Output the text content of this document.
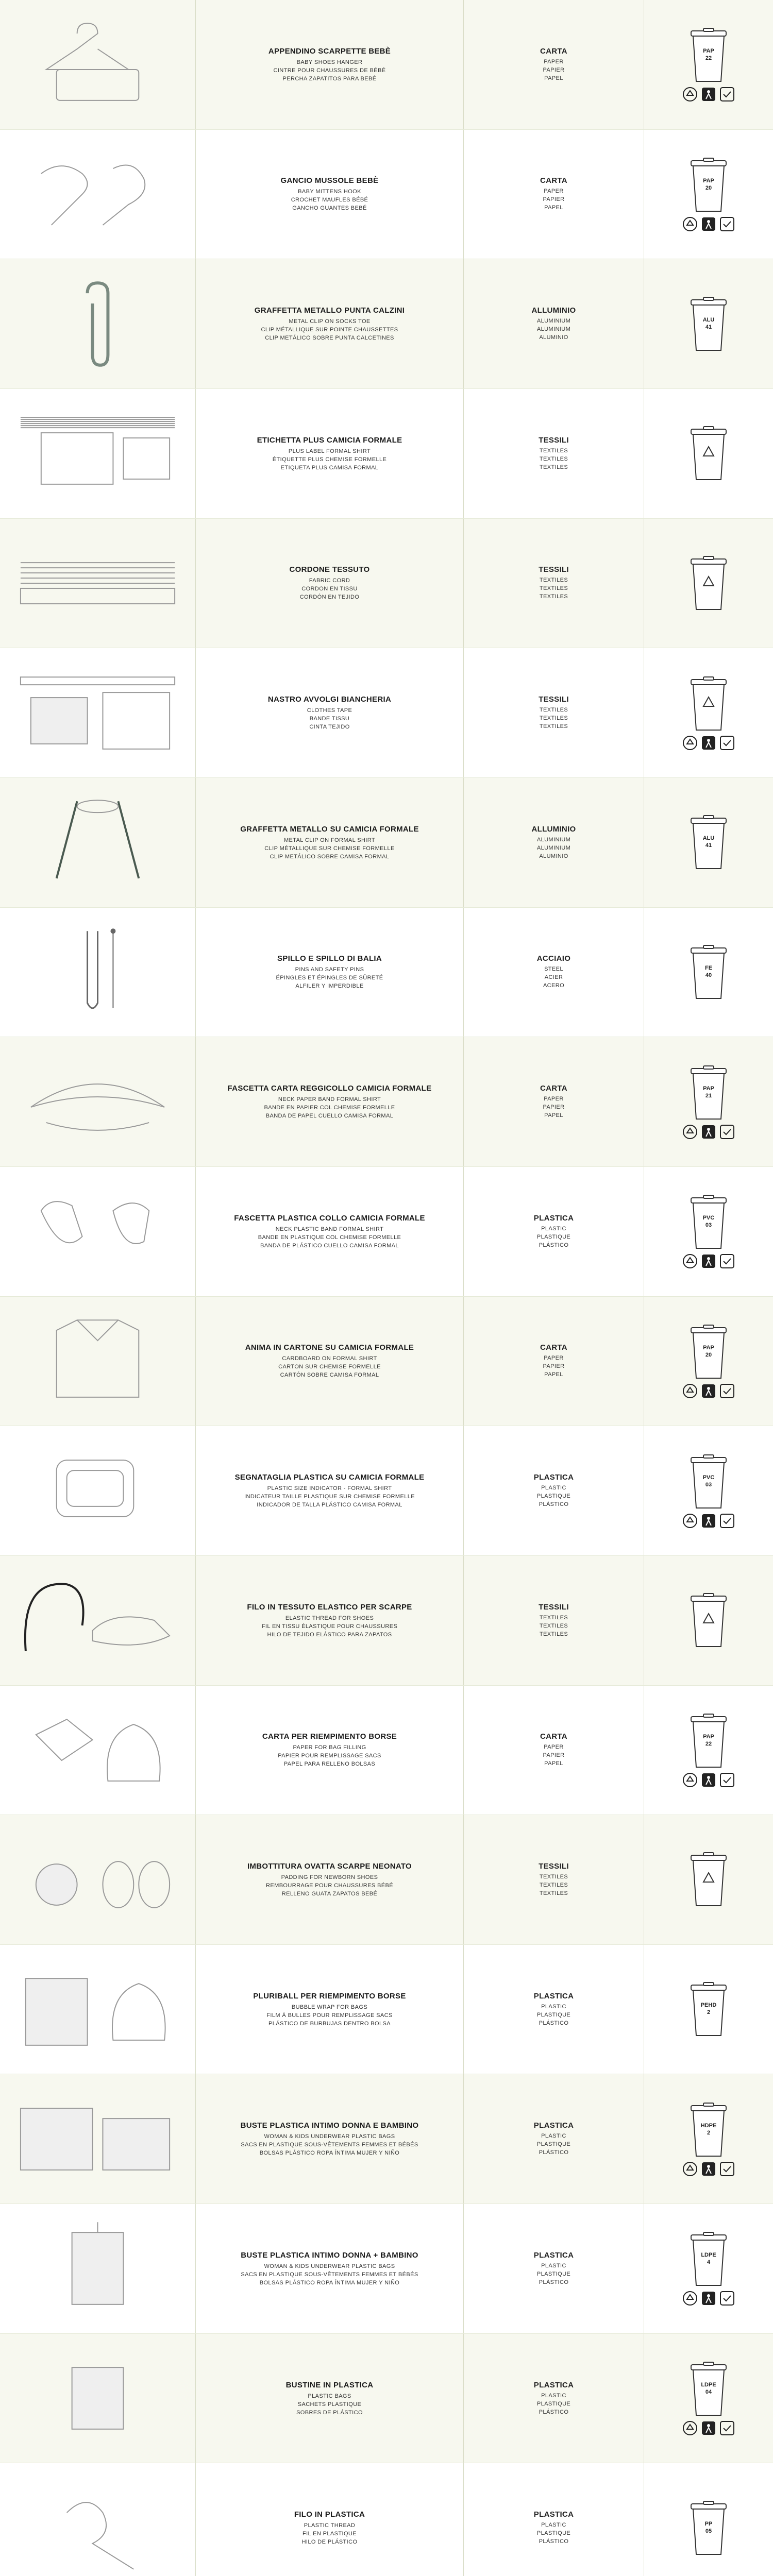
APPENDINO SCARPETTE BEBÈ
BABY SHOES HANGER
CINTRE POUR CHAUSSURES DE BÉBÉ
PERCHA ZAPATITOS PARA BEBÉ
CARTA
PAPER
PAPIER
PAPEL
PAP
22
GANCIO MUSSOLE BEBÈ
BABY MITTENS HOOK
CROCHET MAUFLES BÉBÉ
GANCHO GUANTES BEBÉ
CARTA
PAPER
PAPIER
PAPEL
PAP
20
GRAFFETTA METALLO PUNTA CALZINI
METAL CLIP ON SOCKS TOE
CLIP MÉTALLIQUE SUR POINTE CHAUSSETTES
CLIP METÁLICO SOBRE PUNTA CALCETINES
ALLUMINIO
ALUMINIUM
ALUMINIUM
ALUMINIO
ALU
41
ETICHETTA PLUS CAMICIA FORMALE
PLUS LABEL FORMAL SHIRT
ÉTIQUETTE PLUS CHEMISE FORMELLE
ETIQUETA PLUS CAMISA FORMAL
TESSILI
TEXTILES
TEXTILES
TEXTILES
CORDONE TESSUTO
FABRIC CORD
CORDON EN TISSU
CORDÓN EN TEJIDO
TESSILI
TEXTILES
TEXTILES
TEXTILES
NASTRO AVVOLGI BIANCHERIA
CLOTHES TAPE
BANDE TISSU
CINTA TEJIDO
TESSILI
TEXTILES
TEXTILES
TEXTILES
GRAFFETTA METALLO SU CAMICIA FORMALE
METAL CLIP ON FORMAL SHIRT
CLIP MÉTALLIQUE SUR CHEMISE FORMELLE
CLIP METÁLICO SOBRE CAMISA FORMAL
ALLUMINIO
ALUMINIUM
ALUMINIUM
ALUMINIO
ALU
41
SPILLO E SPILLO DI BALIA
PINS AND SAFETY PINS
ÉPINGLES ET ÉPINGLES DE SÛRETÉ
ALFILER Y IMPERDIBLE
ACCIAIO
STEEL
ACIER
ACERO
FE
40
FASCETTA CARTA REGGICOLLO CAMICIA FORMALE
NECK PAPER BAND FORMAL SHIRT
BANDE EN PAPIER COL CHEMISE FORMELLE
BANDA DE PAPEL CUELLO CAMISA FORMAL
CARTA
PAPER
PAPIER
PAPEL
PAP
21
FASCETTA PLASTICA COLLO CAMICIA FORMALE
NECK PLASTIC BAND FORMAL SHIRT
BANDE EN PLASTIQUE COL CHEMISE FORMELLE
BANDA DE PLÁSTICO CUELLO CAMISA FORMAL
PLASTICA
PLASTIC
PLASTIQUE
PLÁSTICO
PVC
03
ANIMA IN CARTONE SU CAMICIA FORMALE
CARDBOARD ON FORMAL SHIRT
CARTON SUR CHEMISE FORMELLE
CARTÓN SOBRE CAMISA FORMAL
CARTA
PAPER
PAPIER
PAPEL
PAP
20
SEGNATAGLIA PLASTICA SU CAMICIA FORMALE
PLASTIC SIZE INDICATOR - FORMAL SHIRT
INDICATEUR TAILLE PLASTIQUE SUR CHEMISE FORMELLE
INDICADOR DE TALLA PLÁSTICO CAMISA FORMAL
PLASTICA
PLASTIC
PLASTIQUE
PLÁSTICO
PVC
03
FILO IN TESSUTO ELASTICO PER SCARPE
ELASTIC THREAD FOR SHOES
FIL EN TISSU ÉLASTIQUE POUR CHAUSSURES
HILO DE TEJIDO ELÁSTICO PARA ZAPATOS
TESSILI
TEXTILES
TEXTILES
TEXTILES
CARTA PER RIEMPIMENTO BORSE
PAPER FOR BAG FILLING
PAPIER POUR REMPLISSAGE SACS
PAPEL PARA RELLENO BOLSAS
CARTA
PAPER
PAPIER
PAPEL
PAP
22
IMBOTTITURA OVATTA SCARPE NEONATO
PADDING FOR NEWBORN SHOES
REMBOURRAGE POUR CHAUSSURES BÉBÉ
RELLENO GUATA ZAPATOS BEBÉ
TESSILI
TEXTILES
TEXTILES
TEXTILES
PLURIBALL PER RIEMPIMENTO BORSE
BUBBLE WRAP FOR BAGS
FILM À BULLES POUR REMPLISSAGE SACS
PLÁSTICO DE BURBUJAS DENTRO BOLSA
PLASTICA
PLASTIC
PLASTIQUE
PLÁSTICO
PEHD
2
BUSTE PLASTICA INTIMO DONNA E BAMBINO
WOMAN & KIDS UNDERWEAR PLASTIC BAGS
SACS EN PLASTIQUE SOUS-VÊTEMENTS FEMMES ET BÉBÉS
BOLSAS PLÁSTICO ROPA ÍNTIMA MUJER Y NIÑO
PLASTICA
PLASTIC
PLASTIQUE
PLÁSTICO
HDPE
2
BUSTE PLASTICA INTIMO DONNA + BAMBINO
WOMAN & KIDS UNDERWEAR PLASTIC BAGS
SACS EN PLASTIQUE SOUS-VÊTEMENTS FEMMES ET BÉBÉS
BOLSAS PLÁSTICO ROPA ÍNTIMA MUJER Y NIÑO
PLASTICA
PLASTIC
PLASTIQUE
PLÁSTICO
LDPE
4
BUSTINE IN PLASTICA
PLASTIC BAGS
SACHETS PLASTIQUE
SOBRES DE PLÁSTICO
PLASTICA
PLASTIC
PLASTIQUE
PLÁSTICO
LDPE
04
FILO IN PLASTICA
PLASTIC THREAD
FIL EN PLASTIQUE
HILO DE PLÁSTICO
PLASTICA
PLASTIC
PLASTIQUE
PLÁSTICO
PP
05
